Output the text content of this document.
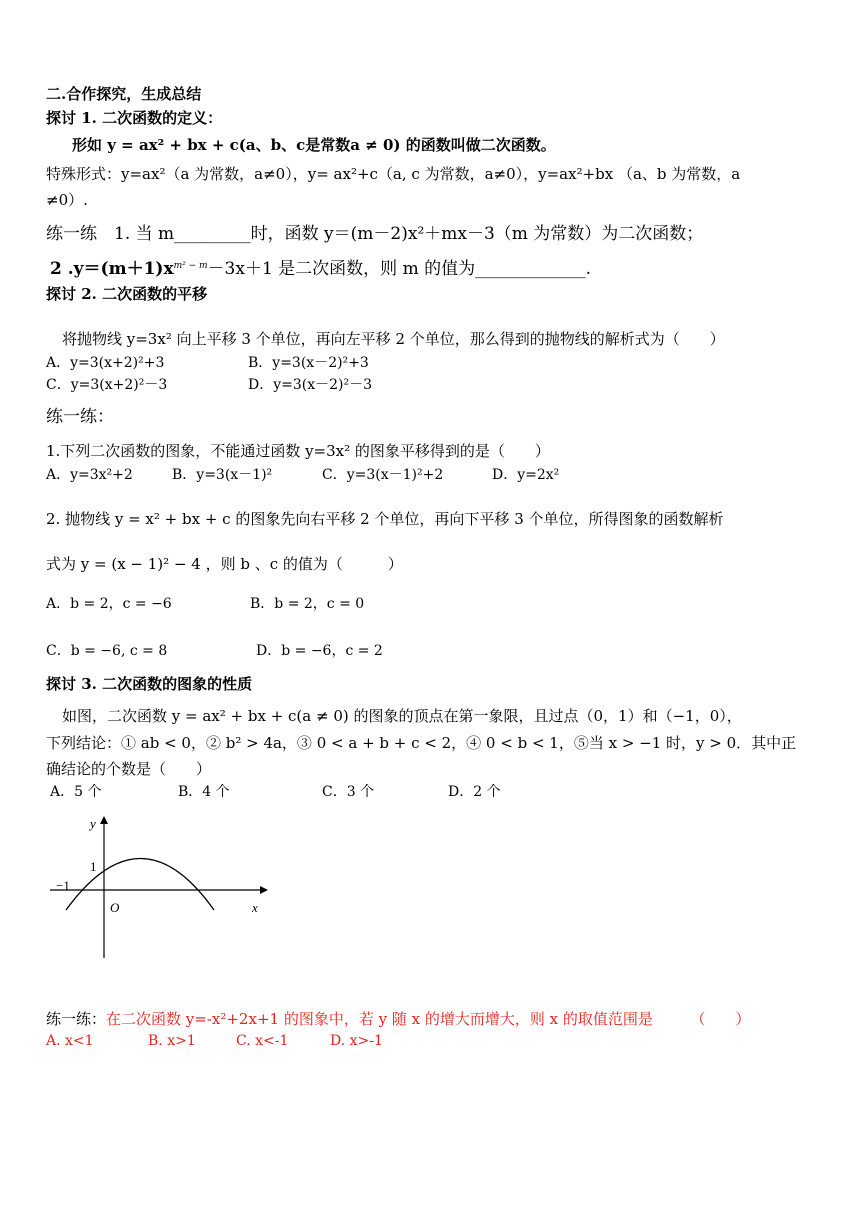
二.合作探究，生成总结
探讨 1. 二次函数的定义：
形如 y = ax² + bx + c(a、b、c是常数a ≠ 0) 的函数叫做二次函数。
特殊形式：y=ax²（a 为常数，a≠0），y= ax²+c（a, c 为常数，a≠0），y=ax²+bx （a、b 为常数，a
≠0）.
练一练　1. 当 m_________时，函数 y＝(m－2)x²＋mx－3（m 为常数）为二次函数；
2 $.y=(m+1)x^{m^2 - m}-3x+1$ 是二次函数，则 m 的值为_____________.
探讨 2. 二次函数的平移
将抛物线 y=3x² 向上平移 3 个单位，再向左平移 2 个单位，那么得到的抛物线的解析式为（　　）
A．y=3(x+2)²+3	B．y=3(x－2)²+3
C．y=3(x+2)²－3	D．y=3(x－2)²－3
练一练：
1.下列二次函数的图象，不能通过函数 y=3x² 的图象平移得到的是（　　）
A．y=3x²+2	B．y=3(x－1)²	C．y=3(x－1)²+2	D．y=2x²
2. 抛物线 y = x² + bx + c 的图象先向右平移 2 个单位，再向下平移 3 个单位，所得图象的函数解析
式为 y = (x − 1)² − 4 ，则 b 、c 的值为（　　　）
A．b = 2，c = −6	B．b = 2，c = 0
C．b = −6, c = 8	D．b = −6，c = 2
探讨 3. 二次函数的图象的性质
如图，二次函数 y = ax² + bx + c(a ≠ 0) 的图象的顶点在第一象限，且过点（0，1）和（−1，0），
下列结论：① ab < 0，② b² > 4a，③ 0 < a + b + c < 2，④ 0 < b < 1，⑤当 x > −1 时，y > 0．其中正
确结论的个数是（　　）
A．5 个	B．4 个	C．3 个	D．2 个
y
x
O
1
−1
练一练：在二次函数 y=-x²+2x+1 的图象中，若 y 随 x 的增大而增大，则 x 的取值范围是　　　（　　）
A. x<1	B. x>1	C. x<-1	D. x>-1
